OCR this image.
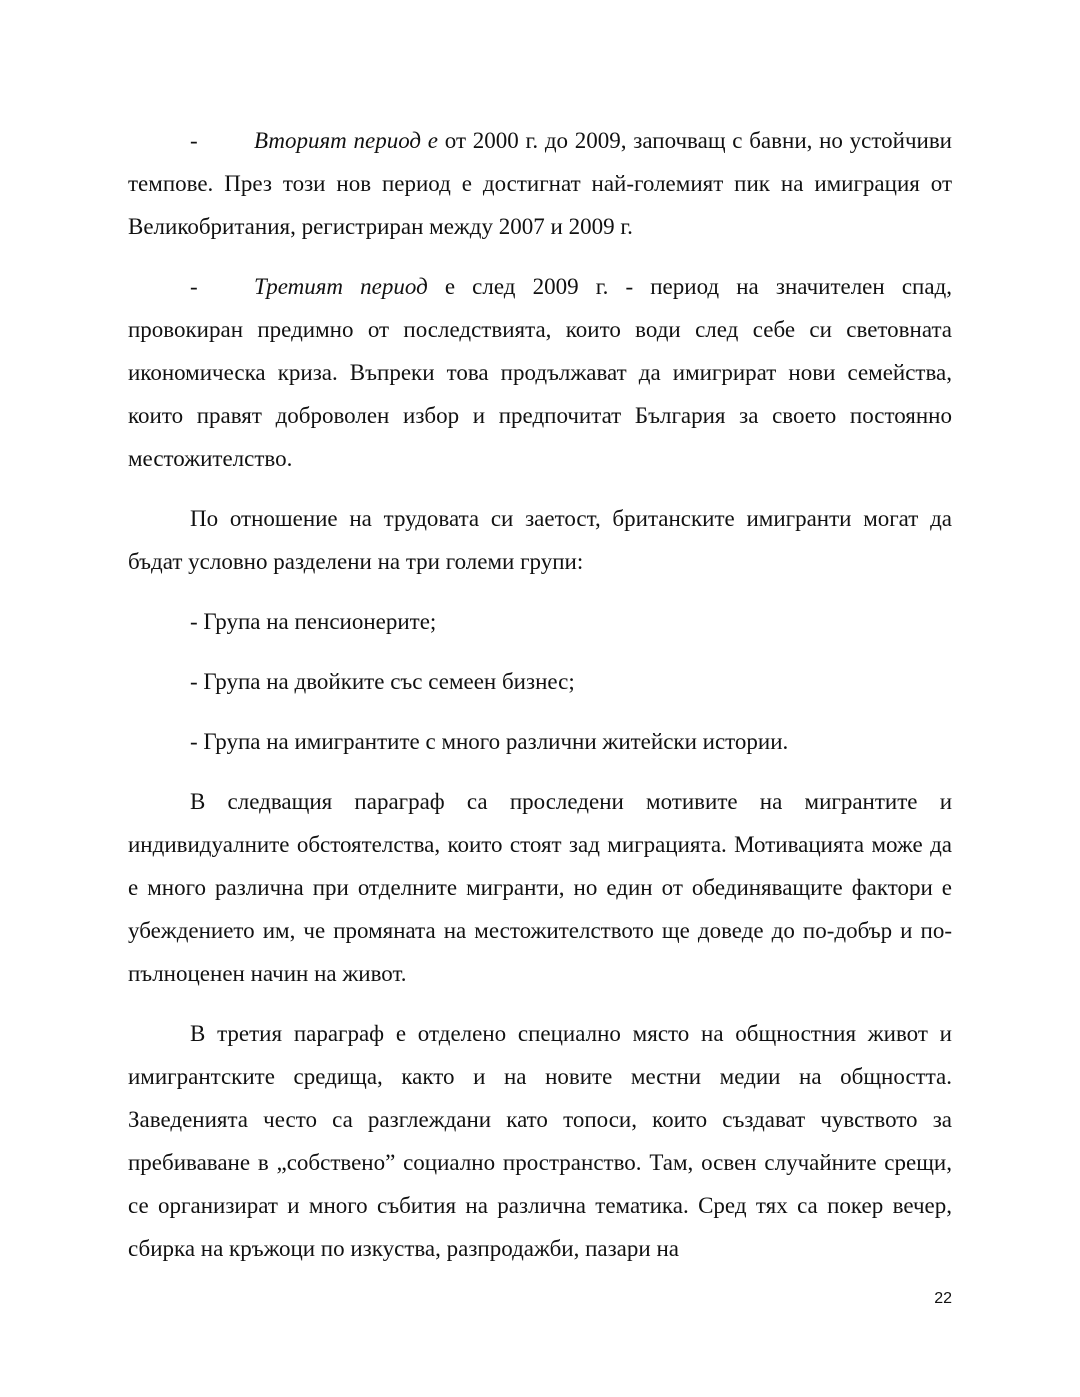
- Вторият период е от 2000 г. до 2009, започващ с бавни, но устойчиви темпове. През този нов период е достигнат най-големият пик на имиграция от Великобритания, регистриран между 2007 и 2009 г.

- Третият период е след 2009 г. - период на значителен спад, провокиран предимно от последствията, които води след себе си световната икономическа криза. Въпреки това продължават да имигрират нови семейства, които правят доброволен избор и предпочитат България за своето постоянно местожителство.

По отношение на трудовата си заетост, британските имигранти могат да бъдат условно разделени на три големи групи:

- Група на пенсионерите;

- Група на двойките със семеен бизнес;

- Група на имигрантите с много различни житейски истории.

В следващия параграф са проследени мотивите на мигрантите и индивидуалните обстоятелства, които стоят зад миграцията. Мотивацията може да е много различна при отделните мигранти, но един от обединяващите фактори е убеждението им, че промяната на местожителството ще доведе до по-добър и по-пълноценен начин на живот.

В третия параграф е отделено специално място на общностния живот и имигрантските средища, както и на новите местни медии на общността. Заведенията често са разглеждани като топоси, които създават чувството за пребиваване в „собствено” социално пространство. Там, освен случайните срещи, се организират и много събития на различна тематика. Сред тях са покер вечер, сбирка на кръжоци по изкуства, разпродажби, пазари на

22
